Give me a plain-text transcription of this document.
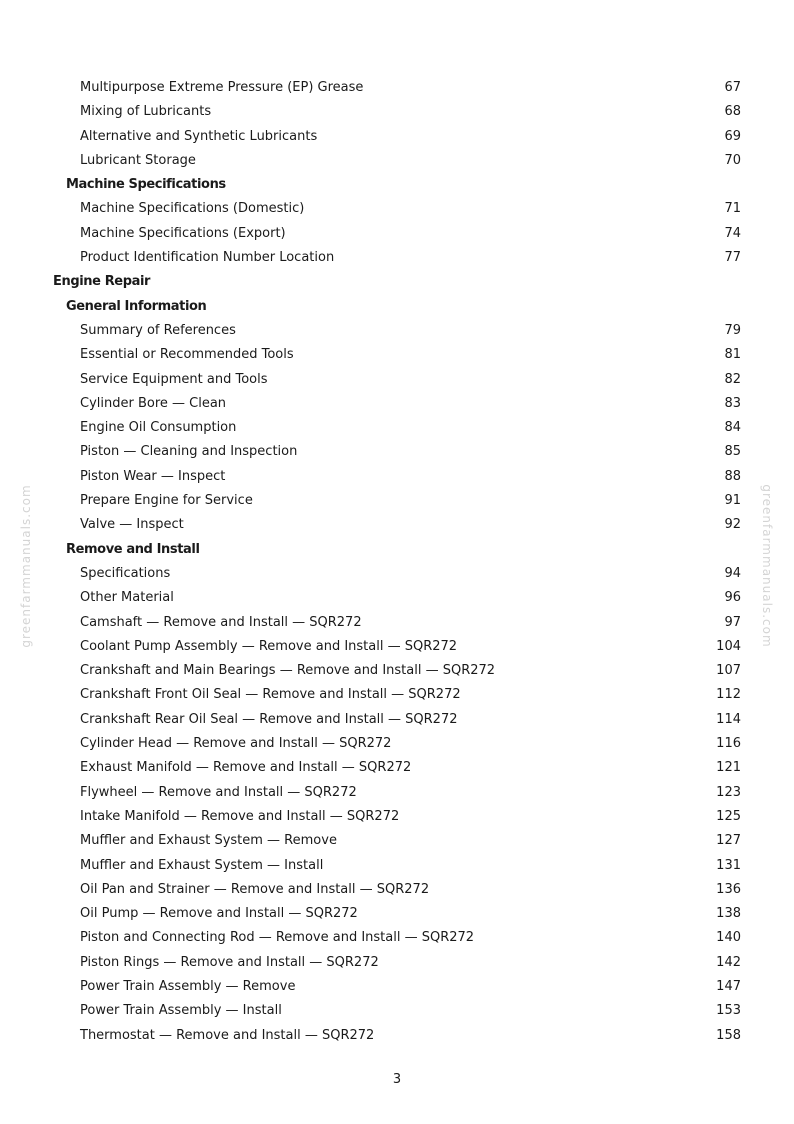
greenfarmmanuals.com	greenfarmmanuals.com
Multipurpose Extreme Pressure (EP) Grease	67
Mixing of Lubricants	68
Alternative and Synthetic Lubricants	69
Lubricant Storage	70
Machine Specifications
Machine Specifications (Domestic)	71
Machine Specifications (Export)	74
Product Identification Number Location	77
Engine Repair
General Information
Summary of References	79
Essential or Recommended Tools	81
Service Equipment and Tools	82
Cylinder Bore — Clean	83
Engine Oil Consumption	84
Piston — Cleaning and Inspection	85
Piston Wear — Inspect	88
Prepare Engine for Service	91
Valve — Inspect	92
Remove and Install
Specifications	94
Other Material	96
Camshaft — Remove and Install — SQR272	97
Coolant Pump Assembly — Remove and Install — SQR272	104
Crankshaft and Main Bearings — Remove and Install — SQR272	107
Crankshaft Front Oil Seal — Remove and Install — SQR272	112
Crankshaft Rear Oil Seal — Remove and Install — SQR272	114
Cylinder Head — Remove and Install — SQR272	116
Exhaust Manifold — Remove and Install — SQR272	121
Flywheel — Remove and Install — SQR272	123
Intake Manifold — Remove and Install — SQR272	125
Muffler and Exhaust System — Remove	127
Muffler and Exhaust System — Install	131
Oil Pan and Strainer — Remove and Install — SQR272	136
Oil Pump — Remove and Install — SQR272	138
Piston and Connecting Rod — Remove and Install — SQR272	140
Piston Rings — Remove and Install — SQR272	142
Power Train Assembly — Remove	147
Power Train Assembly — Install	153
Thermostat — Remove and Install — SQR272	158
3
